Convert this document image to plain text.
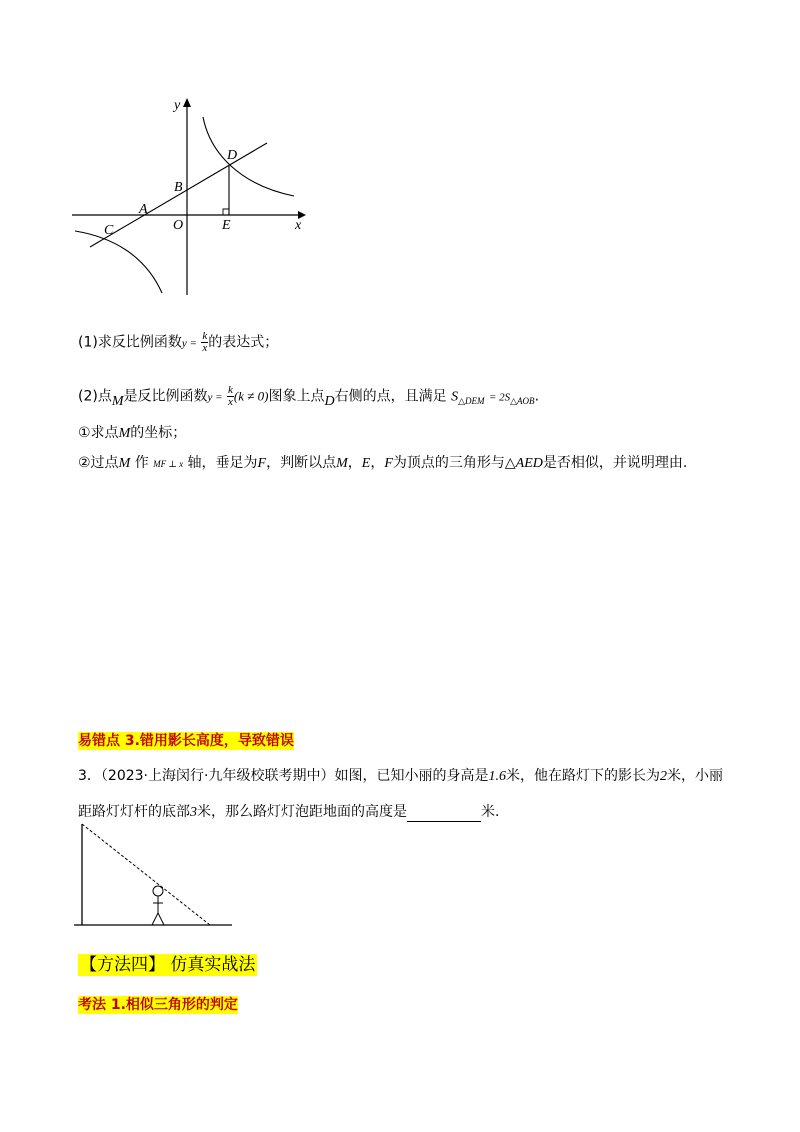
y
x
O
A
B
C
D
E
(1)求反比例函数$y = \frac{k}{x}$ 的表达式；
(2)点M是反比例函数$y = \frac{k}{x} (k \ne 0)$图象上点D右侧的点，且满足 $S_{\triangle DEM} = 2S_{\triangle AOB}$.
①求点M的坐标；
②过点M 作 MF ⊥ x 轴，垂足为F，判断以点M，E，F为顶点的三角形与△AED是否相似，并说明理由.
易错点 3.错用影长高度，导致错误
3．（2023·上海闵行·九年级校联考期中）如图，已知小丽的身高是1.6米，他在路灯下的影长为2米，小丽
距路灯灯杆的底部3米，那么路灯灯泡距地面的高度是	米.
【方法四】 仿真实战法
考法 1.相似三角形的判定
